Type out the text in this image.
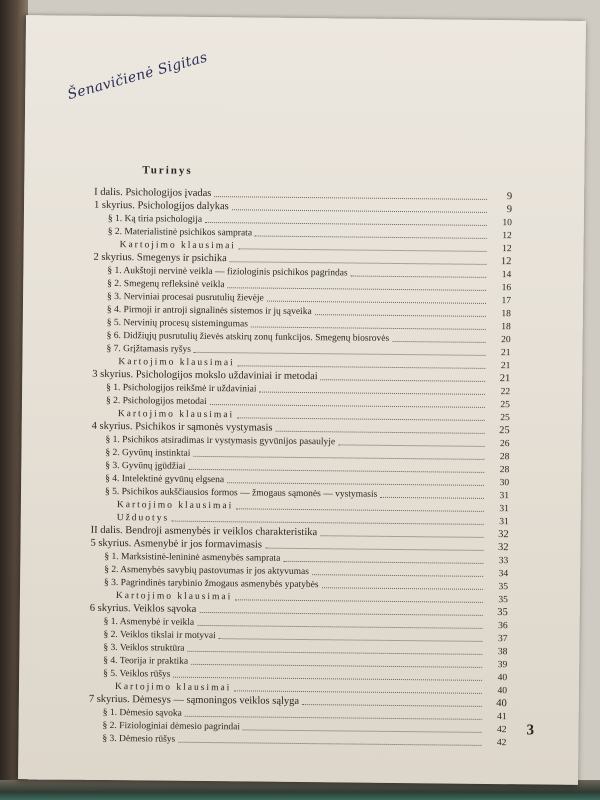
Šenavičienė Sigitas
Turinys
I dalis. Psichologijos įvadas	9
1 skyrius. Psichologijos dalykas	9
§ 1. Ką tiria psichologija	10
§ 2. Materialistinė psichikos samprata	12
Kartojimo klausimai	12
2 skyrius. Smegenys ir psichika	12
§ 1. Aukštoji nervinė veikla — fiziologinis psichikos pagrindas	14
§ 2. Smegenų refleksinė veikla	16
§ 3. Nerviniai procesai pusrutulių žievėje	17
§ 4. Pirmoji ir antroji signalinės sistemos ir jų sąveika	18
§ 5. Nervinių procesų sistemingumas	18
§ 6. Didžiųjų pusrutulių žievės atskirų zonų funkcijos. Smegenų biosrovės	20
§ 7. Grįžtamasis ryšys	21
Kartojimo klausimai	21
3 skyrius. Psichologijos mokslo uždaviniai ir metodai	21
§ 1. Psichologijos reikšmė ir uždaviniai	22
§ 2. Psichologijos metodai	25
Kartojimo klausimai	25
4 skyrius. Psichikos ir sąmonės vystymasis	25
§ 1. Psichikos atsiradimas ir vystymasis gyvūnijos pasaulyje	26
§ 2. Gyvūnų instinktai	28
§ 3. Gyvūnų įgūdžiai	28
§ 4. Intelektinė gyvūnų elgsena	30
§ 5. Psichikos aukščiausios formos — žmogaus sąmonės — vystymasis	31
Kartojimo klausimai	31
Užduotys	31
II dalis. Bendroji asmenybės ir veiklos charakteristika	32
5 skyrius. Asmenybė ir jos formavimasis	32
§ 1. Marksistinė-lenininė asmenybės samprata	33
§ 2. Asmenybės savybių pastovumas ir jos aktyvumas	34
§ 3. Pagrindinės tarybinio žmogaus asmenybės ypatybės	35
Kartojimo klausimai	35
6 skyrius. Veiklos sąvoka	35
§ 1. Asmenybė ir veikla	36
§ 2. Veiklos tikslai ir motyvai	37
§ 3. Veiklos struktūra	38
§ 4. Teorija ir praktika	39
§ 5. Veiklos rūšys	40
Kartojimo klausimai	40
7 skyrius. Dėmesys — sąmoningos veiklos sąlyga	40
§ 1. Dėmesio sąvoka	41
§ 2. Fiziologiniai dėmesio pagrindai	42
§ 3. Dėmesio rūšys	42
3
